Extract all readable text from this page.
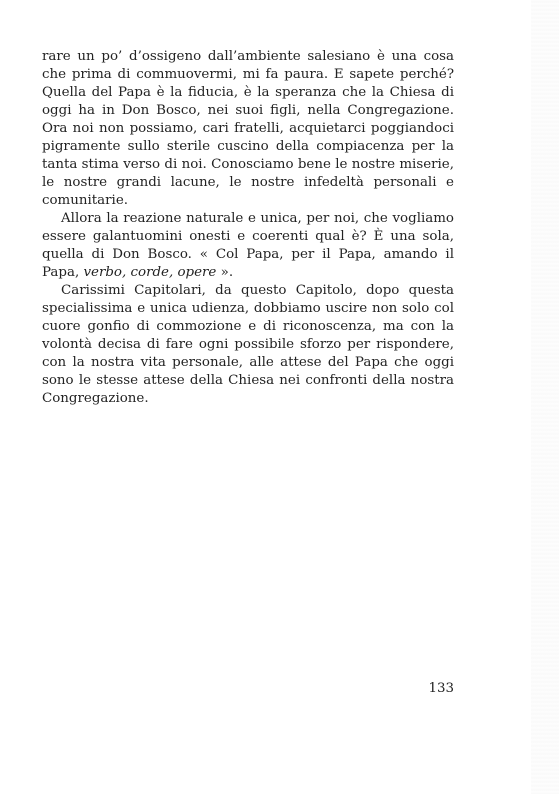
rare un po’ d’ossigeno dall’ambiente salesiano è una cosa che prima di commuovermi, mi fa paura. E sapete perché? Quella del Papa è la fiducia, è la speranza che la Chiesa di oggi ha in Don Bosco, nei suoi figli, nella Congregazione. Ora noi non possiamo, cari fratelli, acquietarci poggiandoci pigramente sullo sterile cuscino della compiacenza per la tanta stima verso di noi. Conosciamo bene le nostre miserie, le nostre grandi lacune, le nostre infedeltà personali e comunitarie.

Allora la reazione naturale e unica, per noi, che vogliamo essere galantuomini onesti e coerenti qual è? È una sola, quella di Don Bosco. « Col Papa, per il Papa, amando il Papa, verbo, corde, opere ».

Carissimi Capitolari, da questo Capitolo, dopo questa specialissima e unica udienza, dobbiamo uscire non solo col cuore gonfio di commozione e di riconoscenza, ma con la volontà decisa di fare ogni possibile sforzo per rispondere, con la nostra vita personale, alle attese del Papa che oggi sono le stesse attese della Chiesa nei confronti della nostra Congregazione.

133
